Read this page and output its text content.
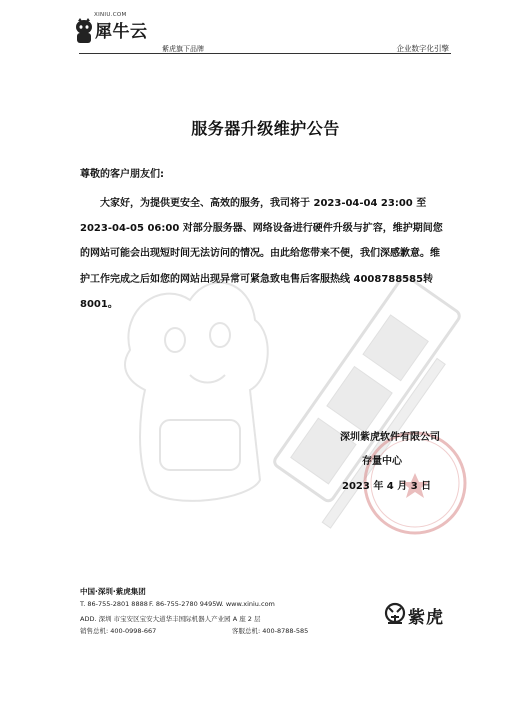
XINIU.COM
犀牛云
紫虎旗下品牌	企业数字化引擎
服务器升级维护公告
尊敬的客户朋友们:
大家好，为提供更安全、高效的服务，我司将于 2023-04-04 23:00 至
2023-04-05 06:00 对部分服务器、网络设备进行硬件升级与扩容，维护期间您
的网站可能会出现短时间无法访问的情况。由此给您带来不便，我们深感歉意。维
护工作完成之后如您的网站出现异常可紧急致电售后客服热线 4008788585转
8001。
深圳紫虎软件有限公司
存量中心
2023 年 4 月 3 日
中国·深圳·紫虎集团
T. 86-755-2801 8888 F. 86-755-2780 9495 W. www.xiniu.com
ADD. 深圳 市宝安区宝安大道华丰国际机器人产业园 A 座 2 层
销售总机: 400-0998-667	客服总机: 400-8788-585
紫虎
